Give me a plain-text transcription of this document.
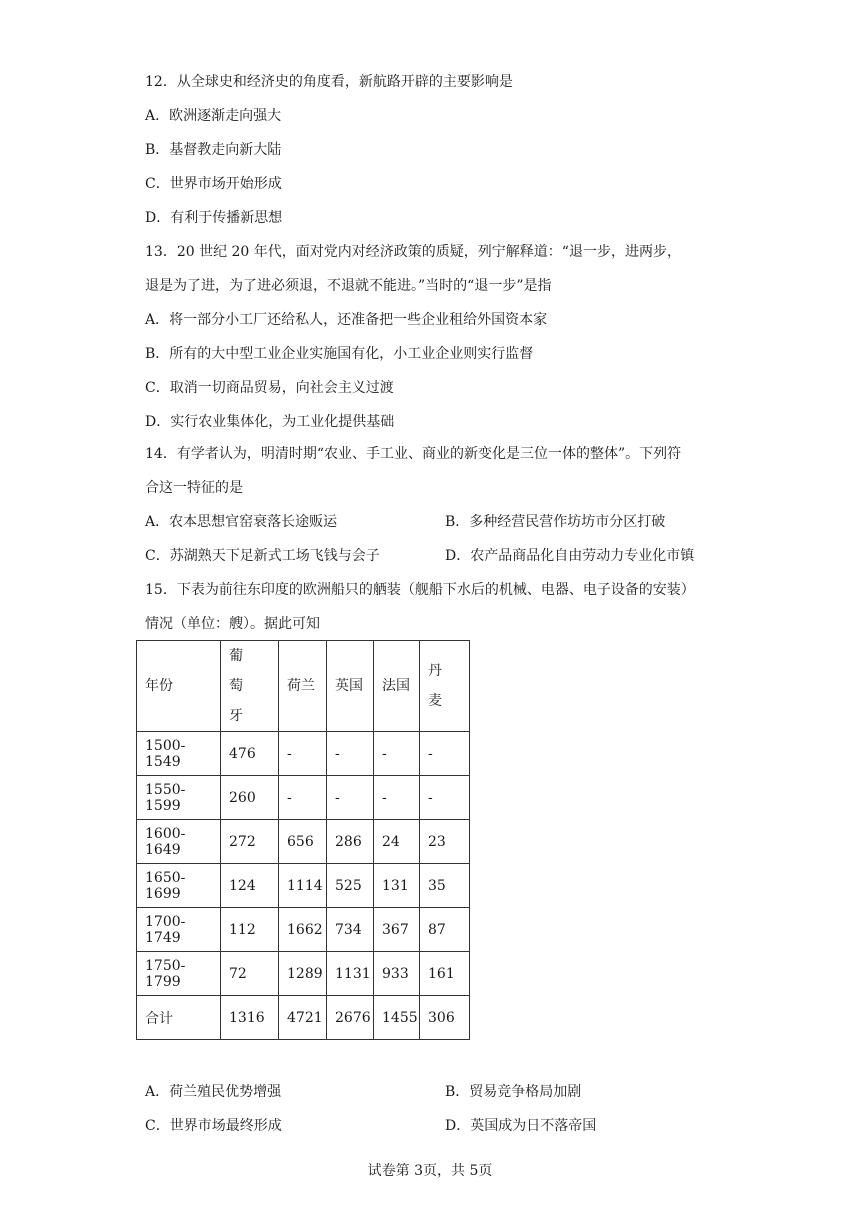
12．从全球史和经济史的角度看，新航路开辟的主要影响是
A．欧洲逐渐走向强大
B．基督教走向新大陆
C．世界市场开始形成
D．有利于传播新思想
13．20 世纪 20 年代，面对党内对经济政策的质疑，列宁解释道：“退一步，进两步，
退是为了进，为了进必须退，不退就不能进。”当时的“退一步”是指
A．将一部分小工厂还给私人，还准备把一些企业租给外国资本家
B．所有的大中型工业企业实施国有化，小工业企业则实行监督
C．取消一切商品贸易，向社会主义过渡
D．实行农业集体化，为工业化提供基础
14．有学者认为，明清时期“农业、手工业、商业的新变化是三位一体的整体”。下列符
合这一特征的是
A．农本思想官窑衰落长途贩运	B．多种经营民营作坊坊市分区打破
C．苏湖熟天下足新式工场飞钱与会子	D．农产品商品化自由劳动力专业化市镇
15．下表为前往东印度的欧洲船只的舾装（舰船下水后的机械、电器、电子设备的安装）
情况（单位：艘）。据此可知
年份	葡萄牙	荷兰	英国	法国	丹麦
1500-1549	476	-	-	-	-
1550-1599	260	-	-	-	-
1600-1649	272	656	286	24	23
1650-1699	124	1114	525	131	35
1700-1749	112	1662	734	367	87
1750-1799	72	1289	1131	933	161
合计	1316	4721	2676	1455	306
A．荷兰殖民优势增强	B．贸易竞争格局加剧
C．世界市场最终形成	D．英国成为日不落帝国
试卷第 3页，共 5页
